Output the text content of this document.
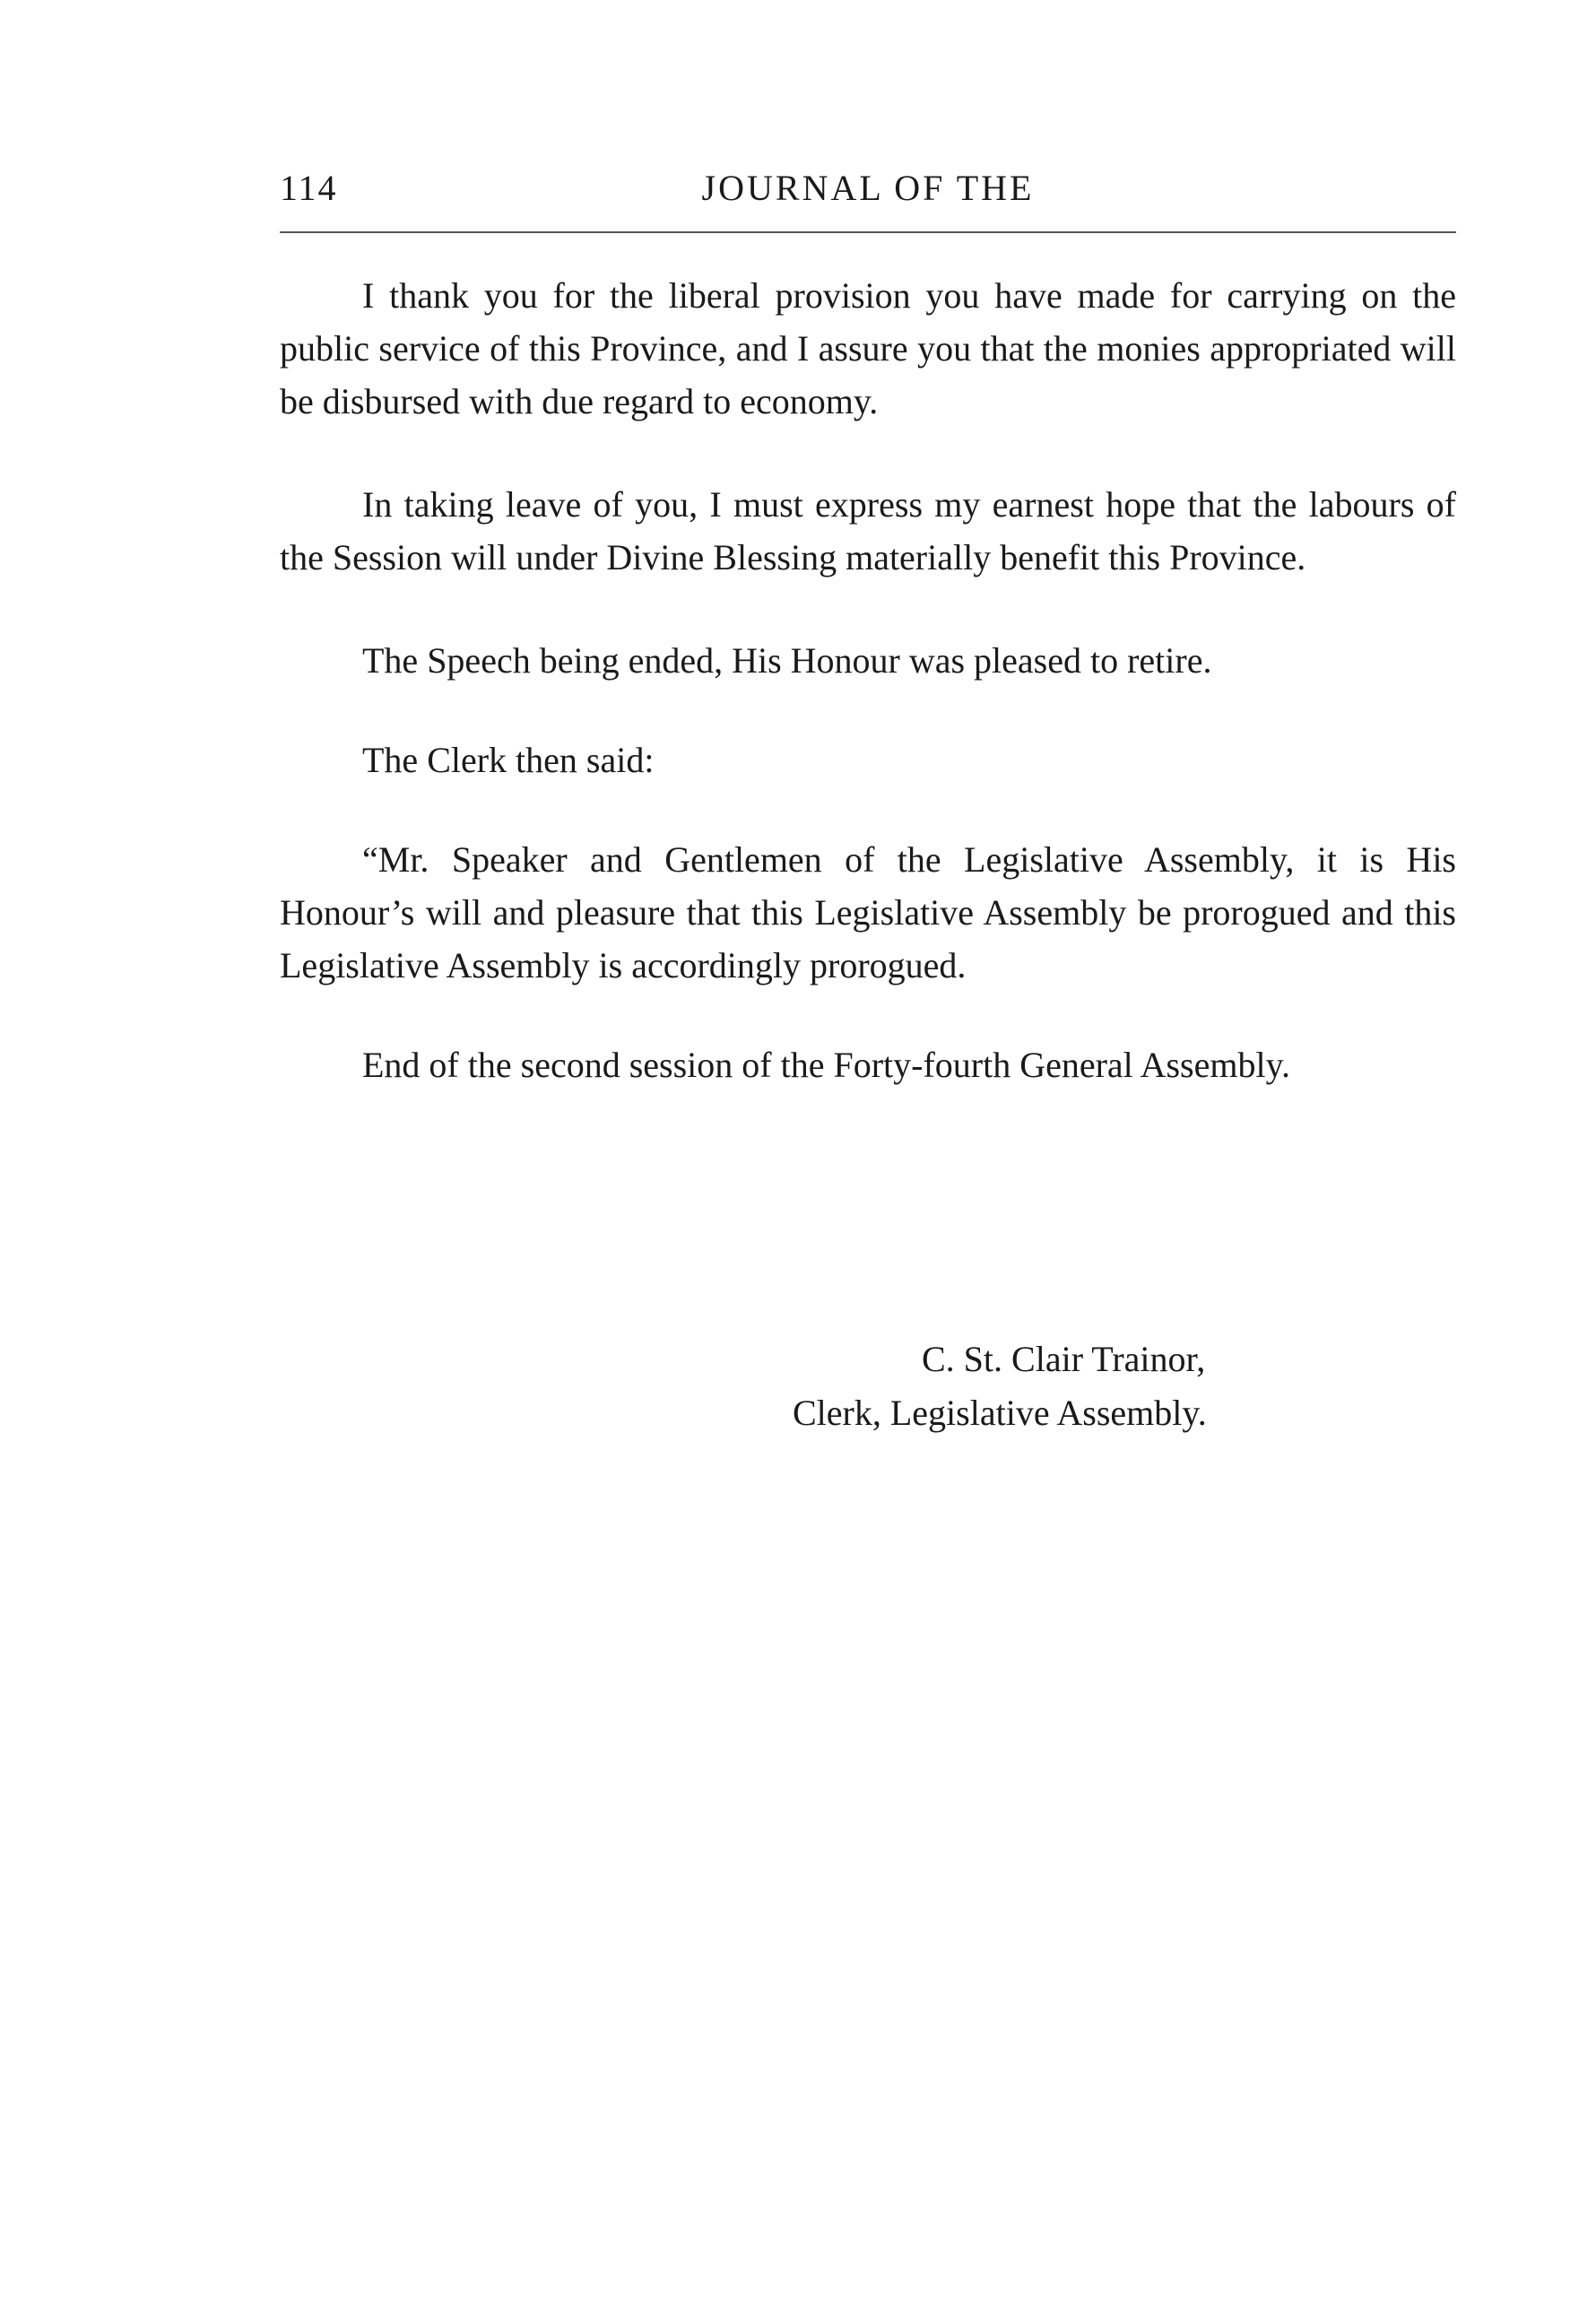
114	JOURNAL OF THE

I thank you for the liberal provision you have made for carrying on the public service of this Province, and I assure you that the monies appropriated will be disbursed with due regard to economy.

In taking leave of you, I must express my earnest hope that the labours of the Session will under Divine Blessing materially benefit this Province.

The Speech being ended, His Honour was pleased to retire.

The Clerk then said:

“Mr. Speaker and Gentlemen of the Legislative Assembly, it is His Honour’s will and pleasure that this Legislative Assembly be prorogued and this Legislative Assembly is accordingly prorogued.

End of the second session of the Forty-fourth General Assembly.

C. St. Clair Trainor,
Clerk, Legislative Assembly.
